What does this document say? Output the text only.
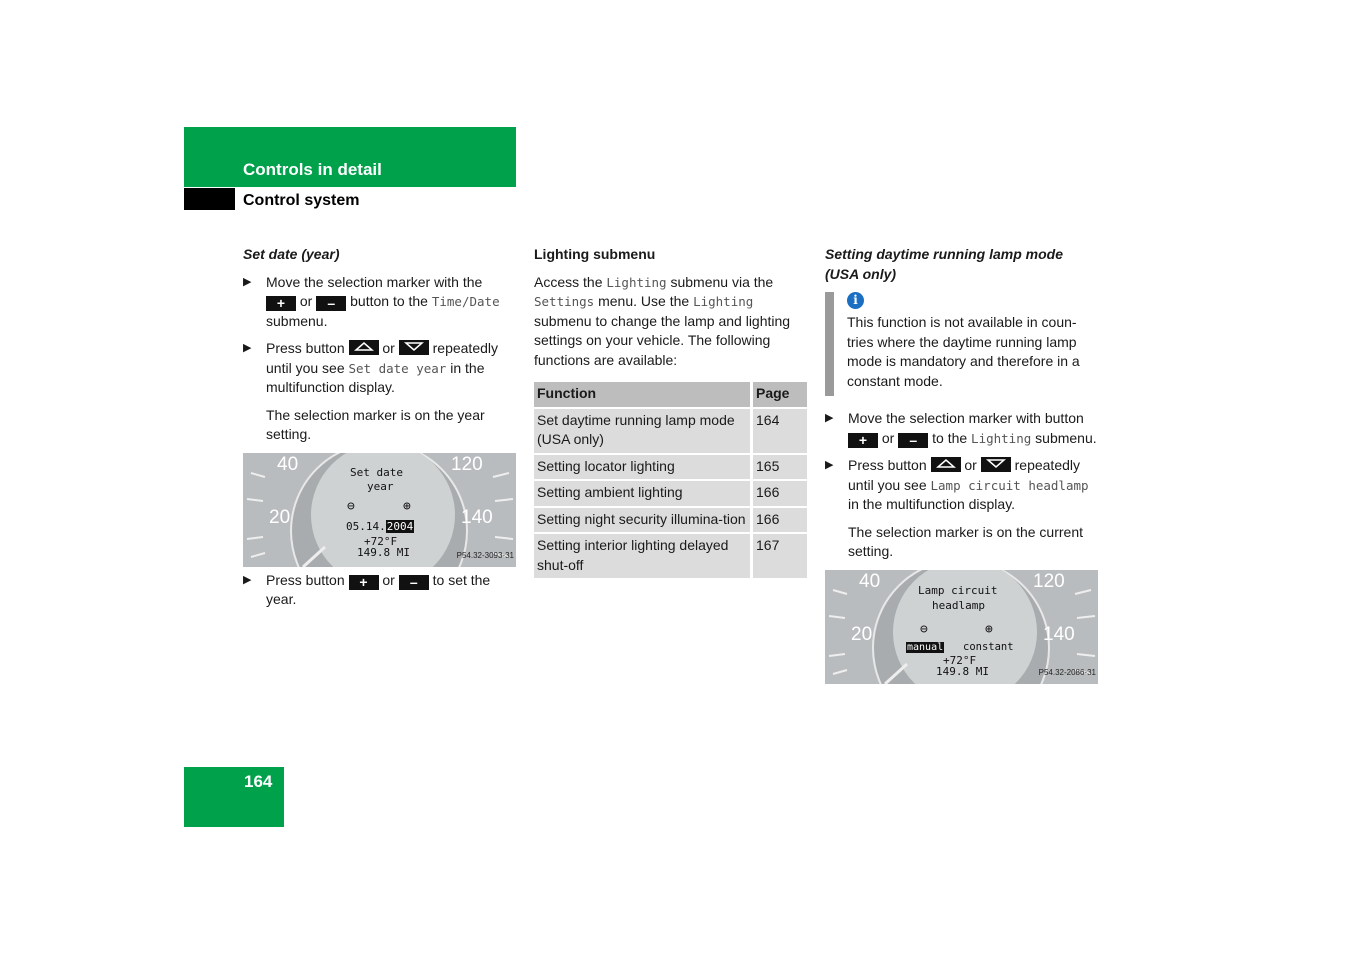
Controls in detail
Control system
Set date (year)
▶ Move the selection marker with the + or – button to the Time/Date submenu.
▶ Press button	or	repeatedly until you see Set date year in the multifunction display.
The selection marker is on the year setting.
40
20
120
140
Set date
year
⊖	⊕
05.14.2004
+72°F
149.8 MI	P54.32-3093-31
▶ Press button + or – to set the year.
Lighting submenu

Access the Lighting submenu via the Settings menu. Use the Lighting submenu to change the lamp and lighting settings on your vehicle. The following functions are available:

Function	Page
Set daytime running lamp mode (USA only)	164
Setting locator lighting	165
Setting ambient lighting	166
Setting night security illumina-tion	166
Setting interior lighting delayed shut-off	167
Setting daytime running lamp mode (USA only)
i
This function is not available in coun-tries where the daytime running lamp mode is mandatory and therefore in a constant mode.
▶ Move the selection marker with button + or – to the Lighting submenu.
▶ Press button	or	repeatedly until you see Lamp circuit headlamp in the multifunction display.
The selection marker is on the current setting.
40
20
120
140
Lamp circuit
headlamp
⊖	⊕
manual constant
+72°F
149.8 MI	P54.32-2086-31
164
